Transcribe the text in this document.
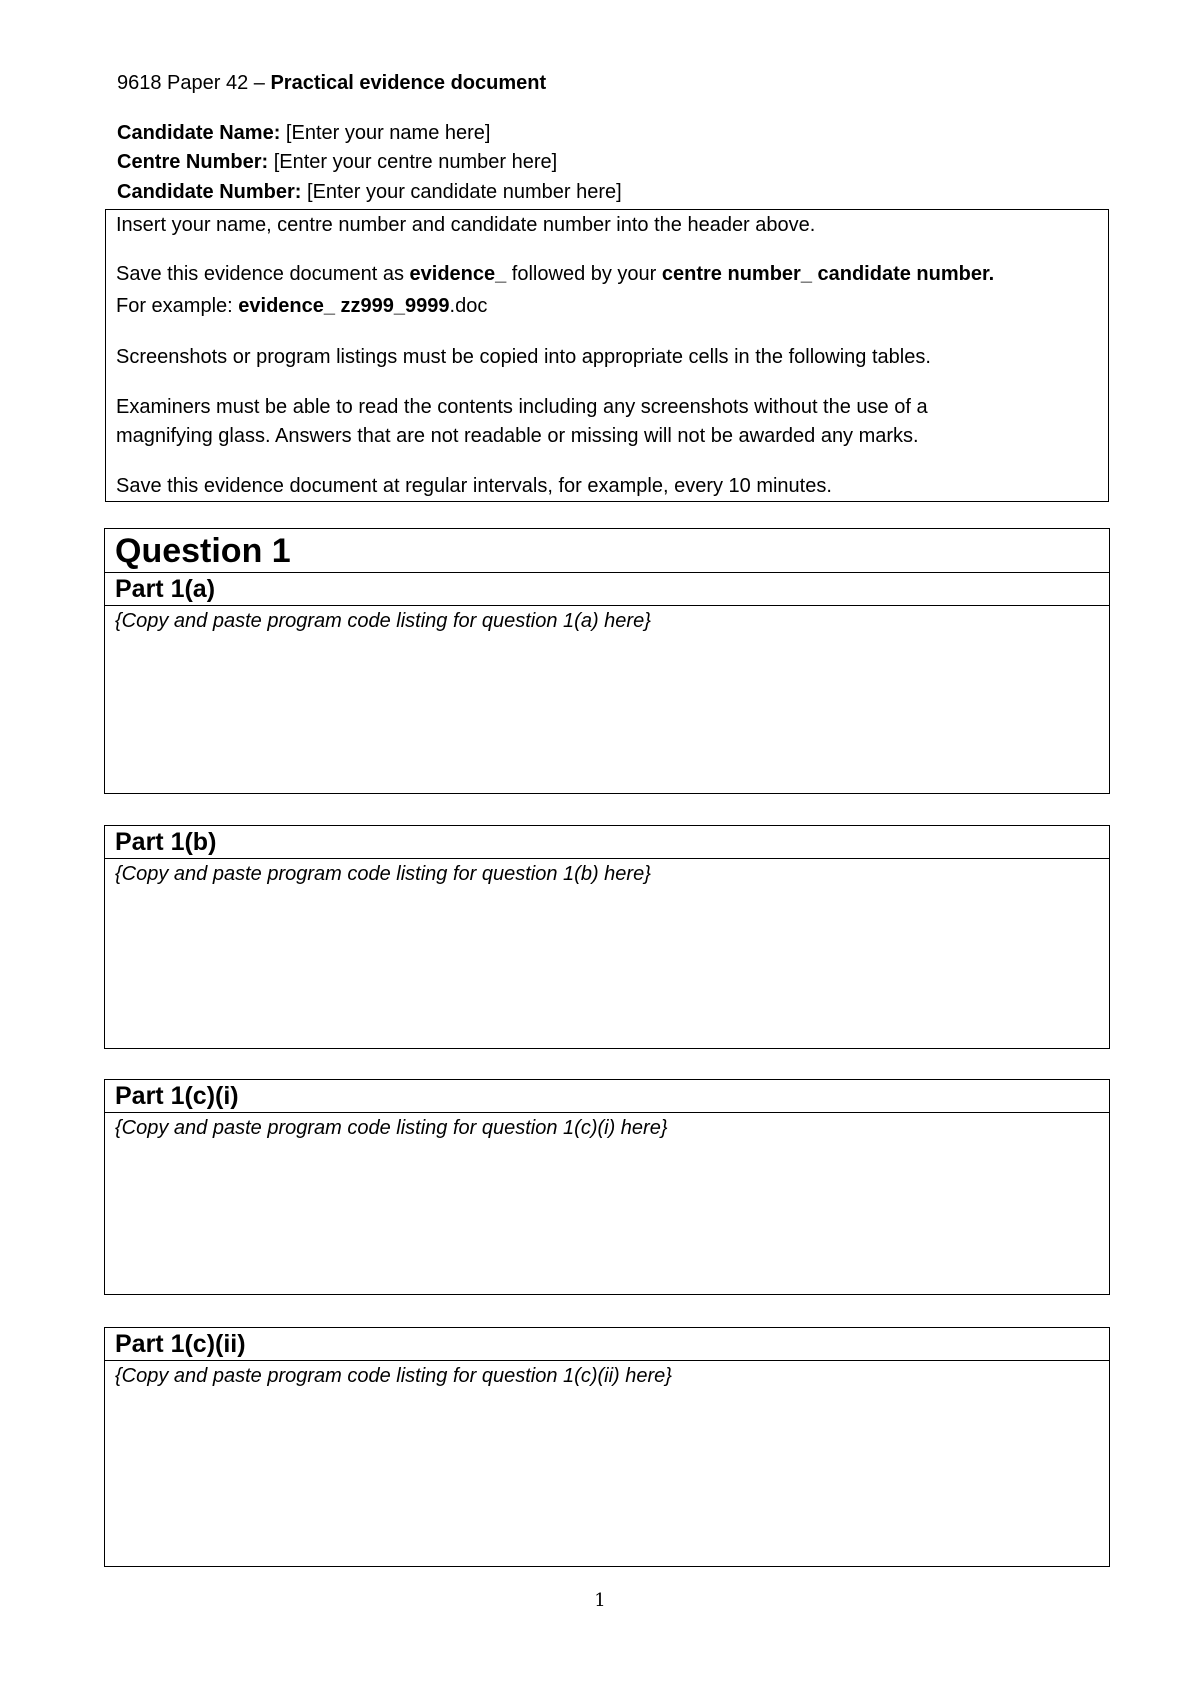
9618 Paper 42 – Practical evidence document
Candidate Name: [Enter your name here]
Centre Number: [Enter your centre number here]
Candidate Number: [Enter your candidate number here]
Insert your name, centre number and candidate number into the header above.
Save this evidence document as evidence_ followed by your centre number_ candidate number.
For example: evidence_ zz999_9999.doc
Screenshots or program listings must be copied into appropriate cells in the following tables.
Examiners must be able to read the contents including any screenshots without the use of a
magnifying glass. Answers that are not readable or missing will not be awarded any marks.
Save this evidence document at regular intervals, for example, every 10 minutes.
Question 1
Part 1(a)
{Copy and paste program code listing for question 1(a) here}
Part 1(b)
{Copy and paste program code listing for question 1(b) here}
Part 1(c)(i)
{Copy and paste program code listing for question 1(c)(i) here}
Part 1(c)(ii)
{Copy and paste program code listing for question 1(c)(ii) here}
1
